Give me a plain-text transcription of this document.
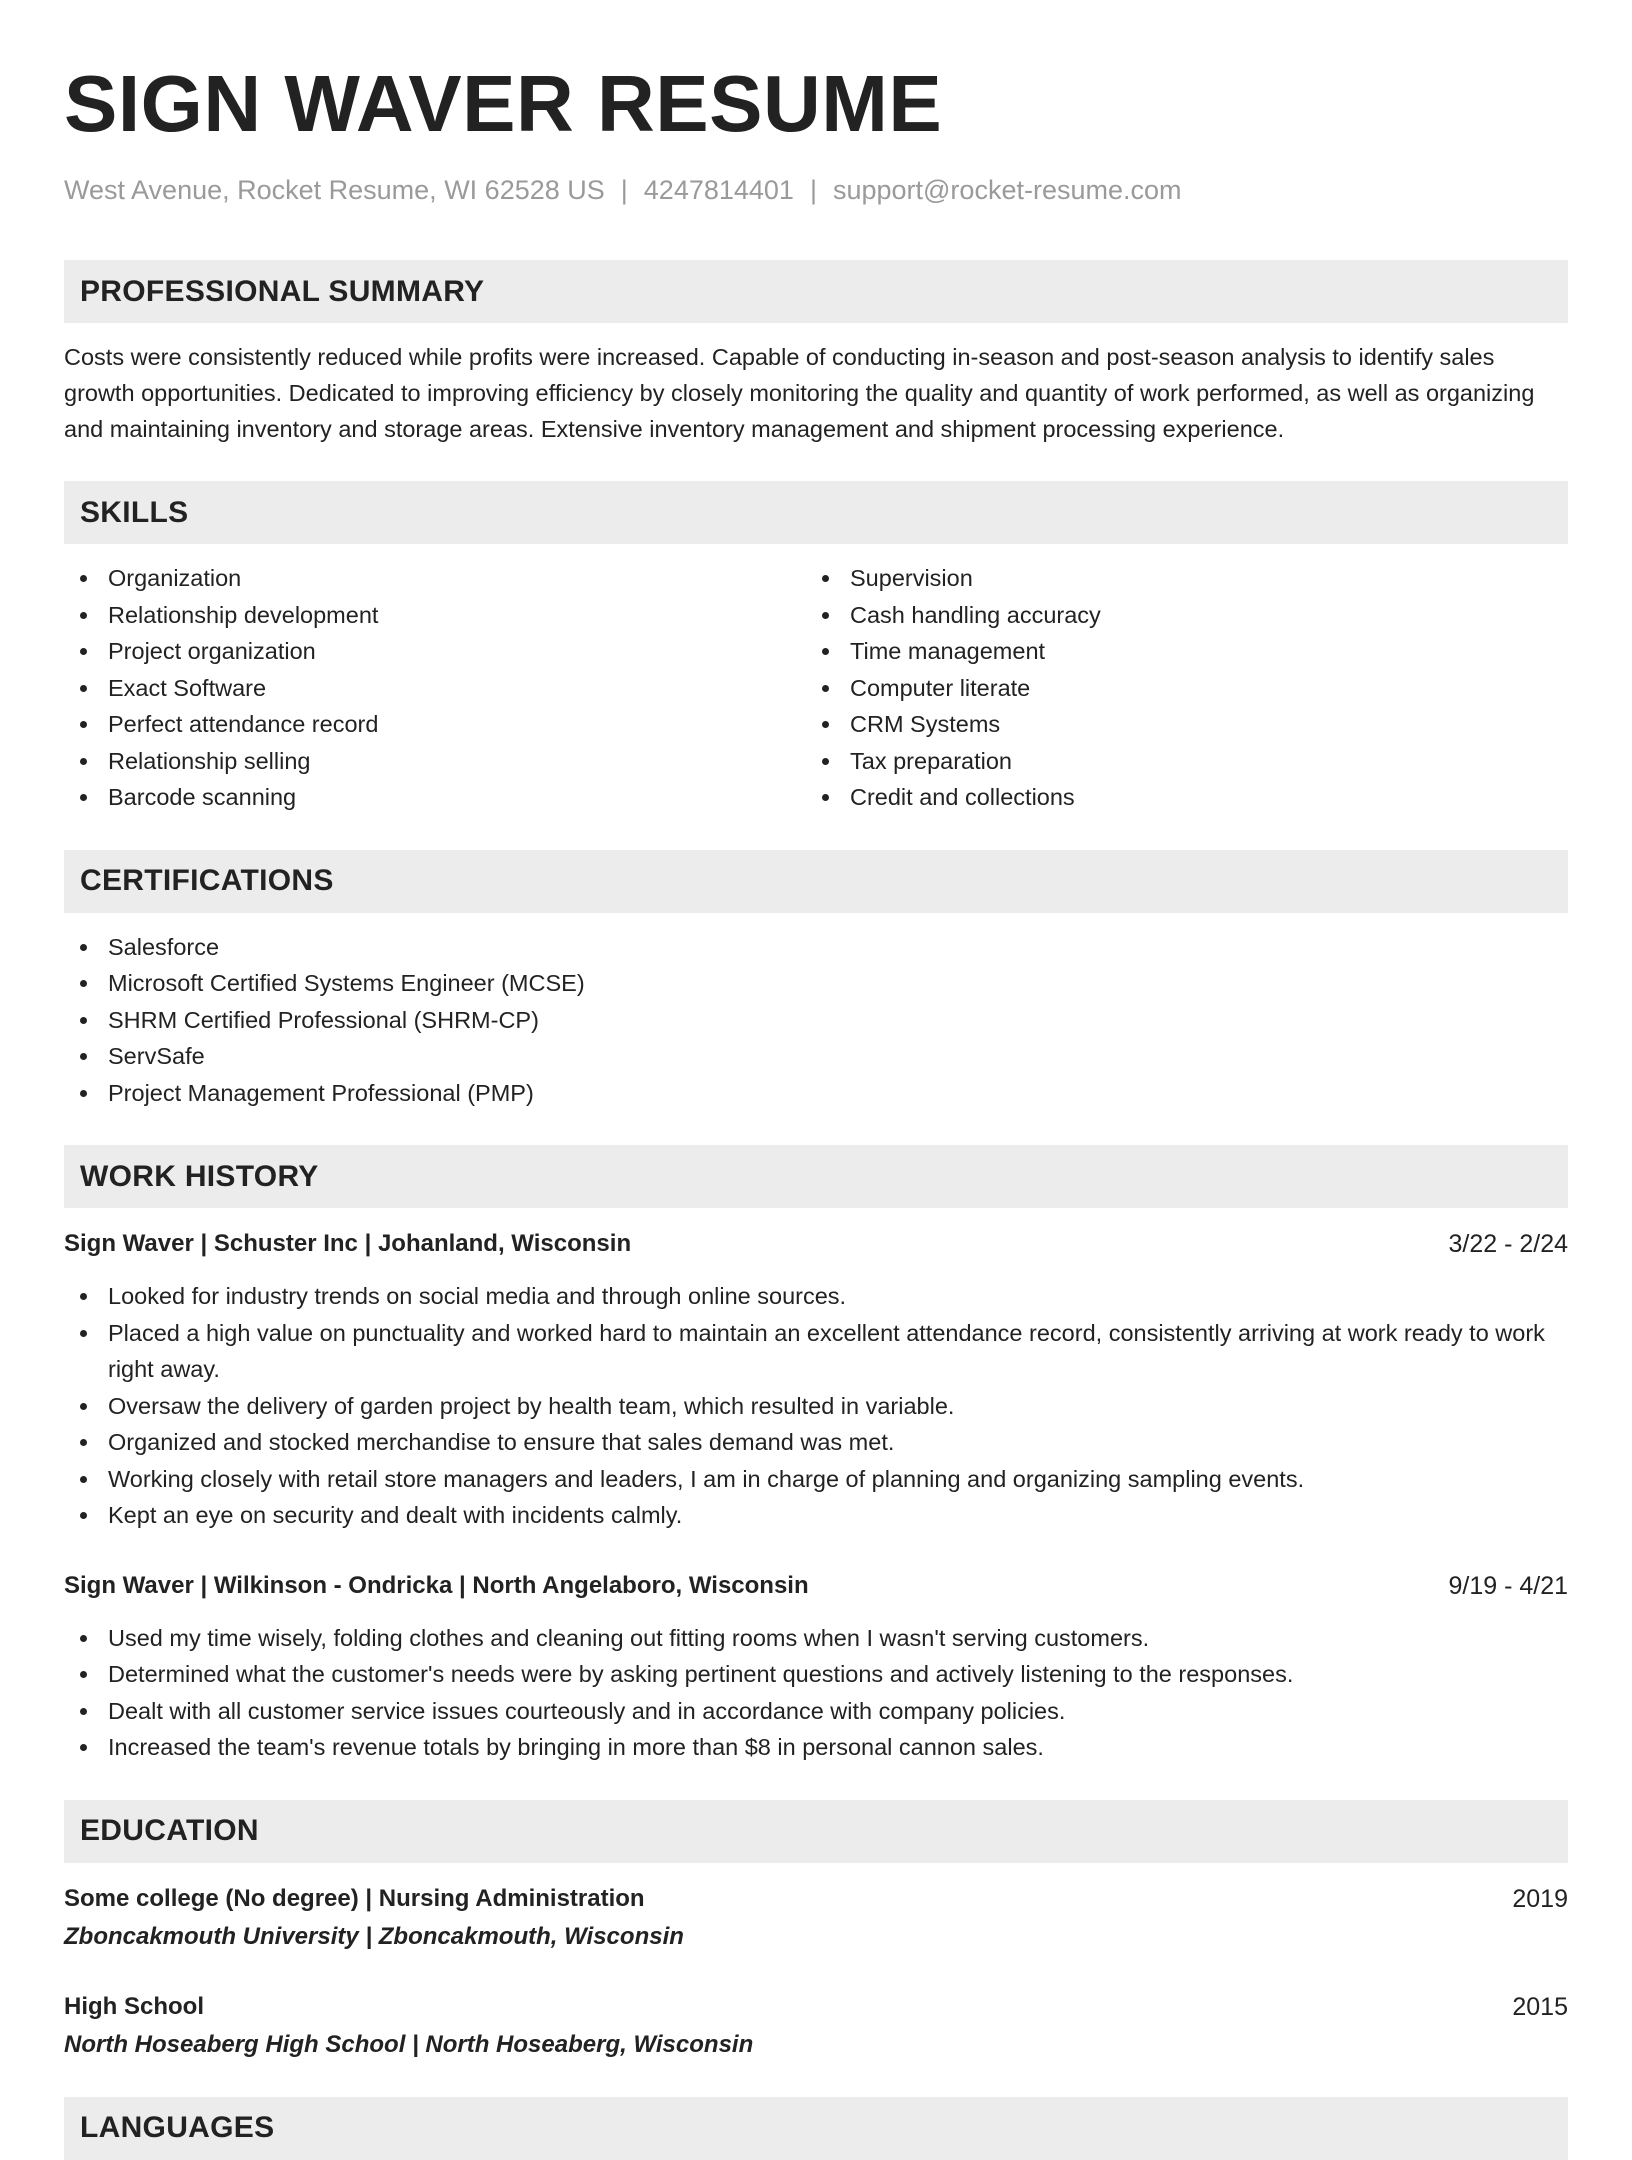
SIGN WAVER RESUME
West Avenue, Rocket Resume, WI 62528 US | 4247814401 | support@rocket-resume.com
PROFESSIONAL SUMMARY

Costs were consistently reduced while profits were increased. Capable of conducting in-season and post-season analysis to identify sales growth opportunities. Dedicated to improving efficiency by closely monitoring the quality and quantity of work performed, as well as organizing and maintaining inventory and storage areas. Extensive inventory management and shipment processing experience.

SKILLS
Organization
Relationship development
Project organization
Exact Software
Perfect attendance record
Relationship selling
Barcode scanning
Supervision
Cash handling accuracy
Time management
Computer literate
CRM Systems
Tax preparation
Credit and collections
CERTIFICATIONS
Salesforce
Microsoft Certified Systems Engineer (MCSE)
SHRM Certified Professional (SHRM-CP)
ServSafe
Project Management Professional (PMP)
WORK HISTORY
Sign Waver | Schuster Inc | Johanland, Wisconsin	3/22 - 2/24
Looked for industry trends on social media and through online sources.
Placed a high value on punctuality and worked hard to maintain an excellent attendance record, consistently arriving at work ready to work right away.
Oversaw the delivery of garden project by health team, which resulted in variable.
Organized and stocked merchandise to ensure that sales demand was met.
Working closely with retail store managers and leaders, I am in charge of planning and organizing sampling events.
Kept an eye on security and dealt with incidents calmly.
Sign Waver | Wilkinson - Ondricka | North Angelaboro, Wisconsin	9/19 - 4/21
Used my time wisely, folding clothes and cleaning out fitting rooms when I wasn't serving customers.
Determined what the customer's needs were by asking pertinent questions and actively listening to the responses.
Dealt with all customer service issues courteously and in accordance with company policies.
Increased the team's revenue totals by bringing in more than $8 in personal cannon sales.
EDUCATION
Some college (No degree) | Nursing Administration	2019
Zboncakmouth University | Zboncakmouth, Wisconsin
High School	2015
North Hoseaberg High School | North Hoseaberg, Wisconsin
LANGUAGES
